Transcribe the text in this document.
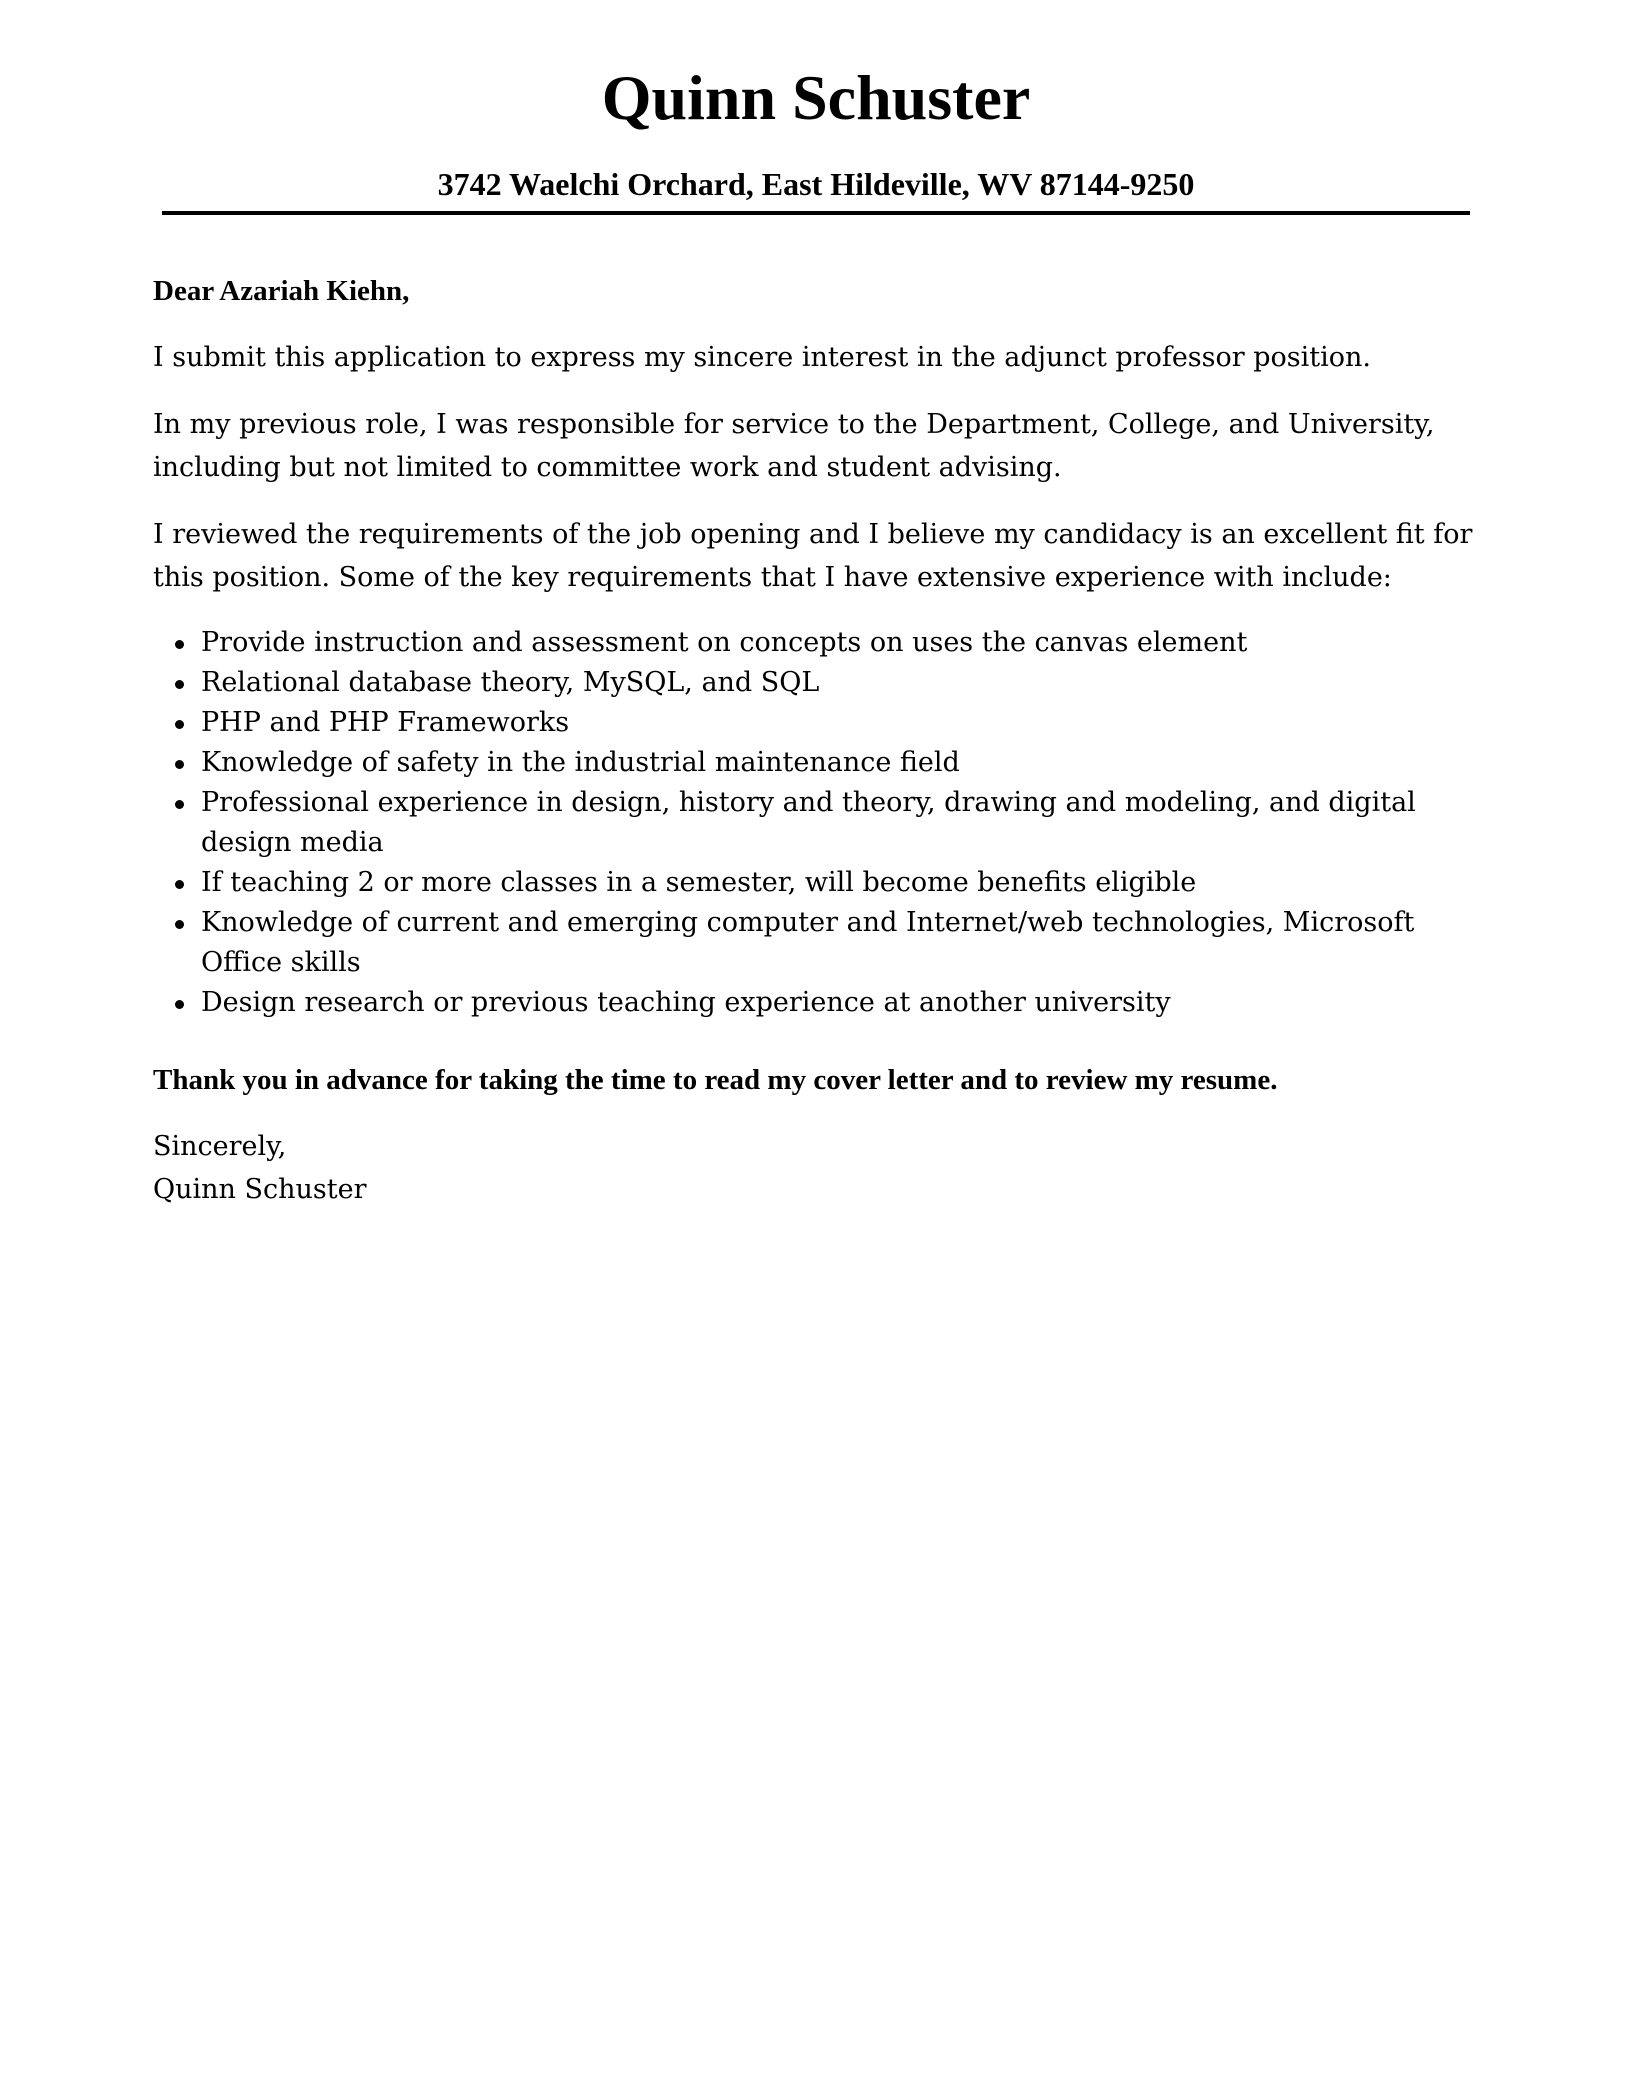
Quinn Schuster
3742 Waelchi Orchard, East Hildeville, WV 87144-9250

Dear Azariah Kiehn,

I submit this application to express my sincere interest in the adjunct professor position.

In my previous role, I was responsible for service to the Department, College, and University, including but not limited to committee work and student advising.

I reviewed the requirements of the job opening and I believe my candidacy is an excellent fit for this position. Some of the key requirements that I have extensive experience with include:

Provide instruction and assessment on concepts on uses the canvas element
Relational database theory, MySQL, and SQL
PHP and PHP Frameworks
Knowledge of safety in the industrial maintenance field
Professional experience in design, history and theory, drawing and modeling, and digital design media
If teaching 2 or more classes in a semester, will become benefits eligible
Knowledge of current and emerging computer and Internet/web technologies, Microsoft Office skills
Design research or previous teaching experience at another university

Thank you in advance for taking the time to read my cover letter and to review my resume.

Sincerely,

Quinn Schuster
